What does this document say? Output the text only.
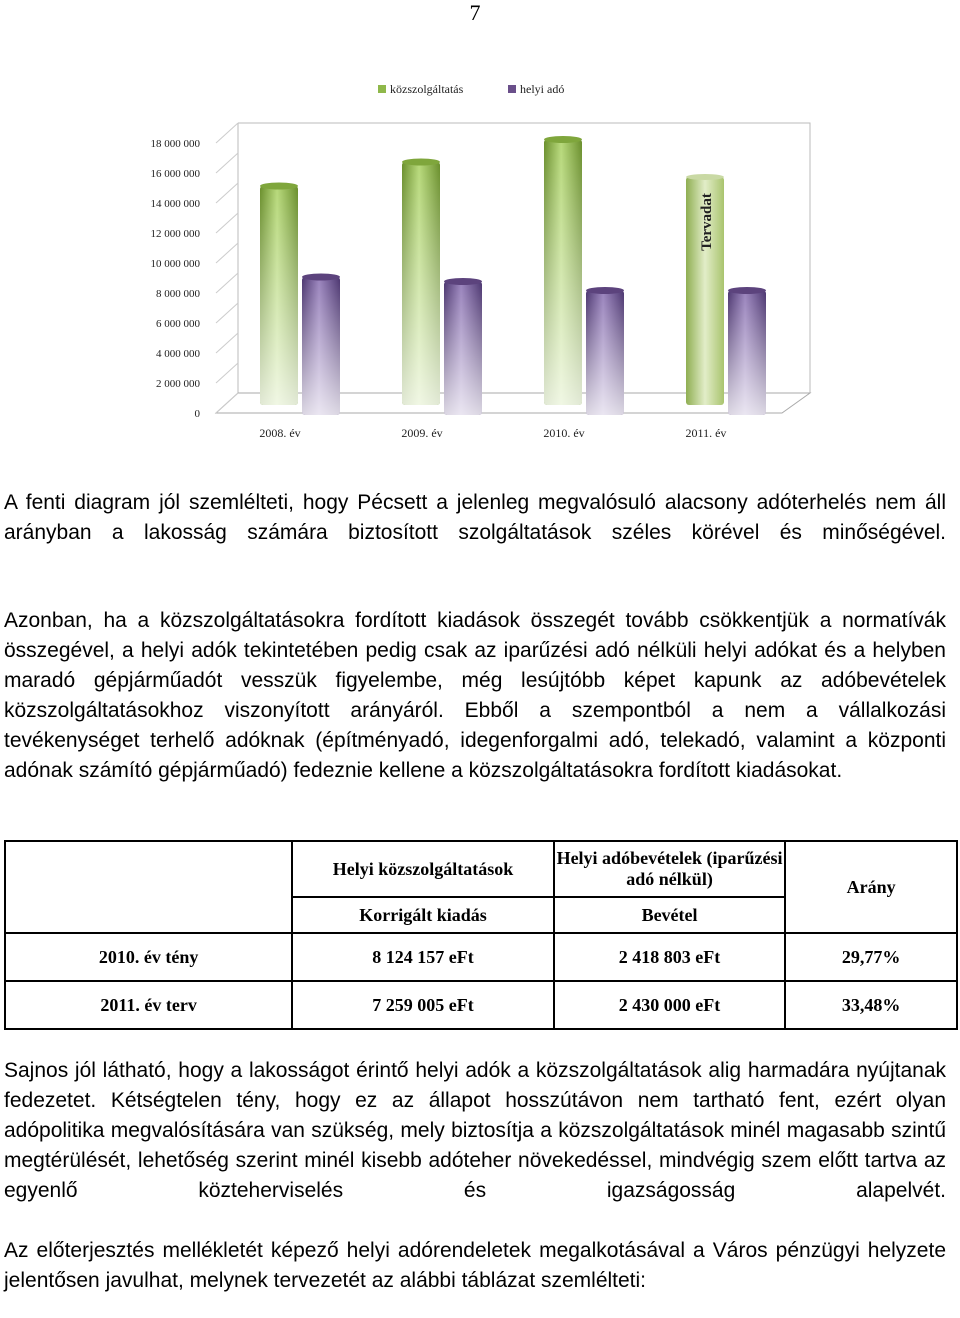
7
közszolgáltatás	helyi adó
0
2 000 000
4 000 000
6 000 000
8 000 000
10 000 000
12 000 000
14 000 000
16 000 000
18 000 000
Tervadat
2008. év	2009. év	2010. év	2011. év
A fenti diagram jól szemlélteti, hogy Pécsett a jelenleg megvalósuló alacsony adóterhelés nem áll arányban a lakosság számára biztosított szolgáltatások széles körével és minőségével.
Azonban, ha a közszolgáltatásokra fordított kiadások összegét tovább csökkentjük a normatívák összegével, a helyi adók tekintetében pedig csak az iparűzési adó nélküli helyi adókat és a helyben maradó gépjárműadót vesszük figyelembe, még lesújtóbb képet kapunk az adóbevételek közszolgáltatásokhoz viszonyított arányáról. Ebből a szempontból a nem a vállalkozási tevékenységet terhelő adóknak (építményadó, idegenforgalmi adó, telekadó, valamint a központi adónak számító gépjárműadó) fedeznie kellene a közszolgáltatásokra fordított kiadásokat.
	Helyi közszolgáltatások	Helyi adóbevételek (iparűzési adó nélkül)	Arány
	Korrigált kiadás	Bevétel	
2010. év tény	8 124 157 eFt	2 418 803 eFt	29,77%
2011. év terv	7 259 005 eFt	2 430 000 eFt	33,48%
Sajnos jól látható, hogy a lakosságot érintő helyi adók a közszolgáltatások alig harmadára nyújtanak fedezetet. Kétségtelen tény, hogy ez az állapot hosszútávon nem tartható fent, ezért olyan adópolitika megvalósítására van szükség, mely biztosítja a közszolgáltatások minél magasabb szintű megtérülését, lehetőség szerint minél kisebb adóteher növekedéssel, mindvégig szem előtt tartva az egyenlő közteherviselés és igazságosság alapelvét.
Az előterjesztés mellékletét képező helyi adórendeletek megalkotásával a Város pénzügyi helyzete jelentősen javulhat, melynek tervezetét az alábbi táblázat szemlélteti:
